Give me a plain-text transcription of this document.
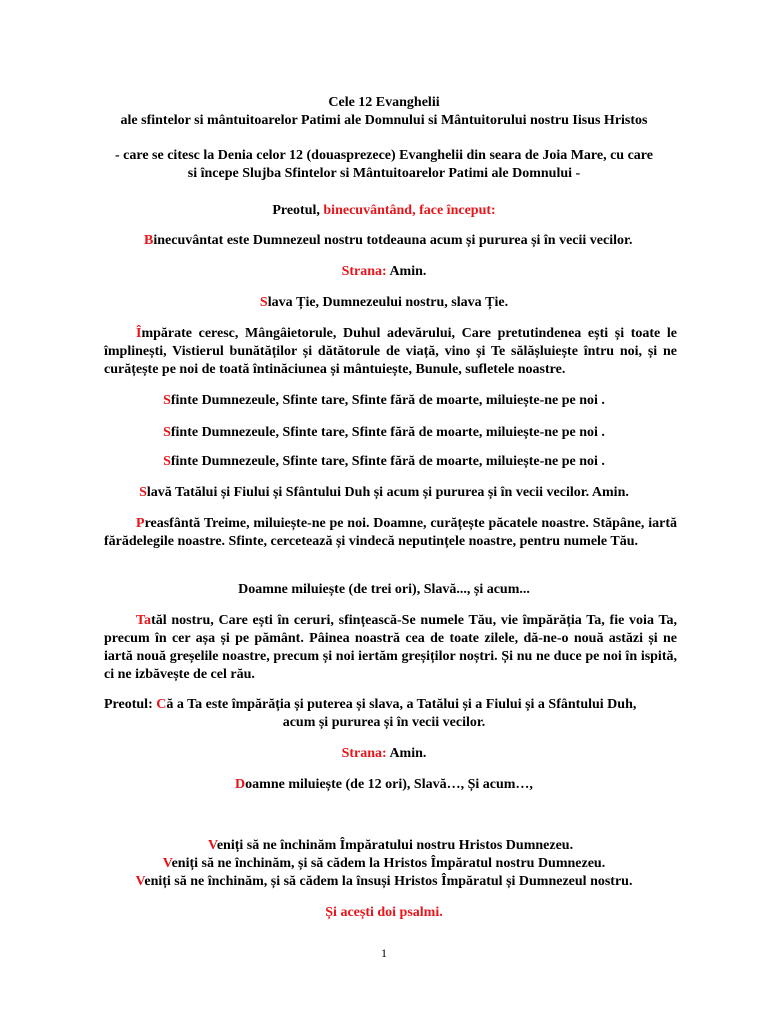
Cele 12 Evanghelii
ale sfintelor si mântuitoarelor Patimi ale Domnului si Mântuitorului nostru Iisus Hristos
- care se citesc la Denia celor 12 (douasprezece) Evanghelii din seara de Joia Mare, cu care
si începe Slujba Sfintelor si Mântuitoarelor Patimi ale Domnului -
Preotul, binecuvântând, face început:
Binecuvântat este Dumnezeul nostru totdeauna acum și pururea și în vecii vecilor.
Strana: Amin.
Slava Ție, Dumnezeului nostru, slava Ție.
Împărate ceresc, Mângâietorule, Duhul adevărului, Care pretutindenea ești și toate le împlinești, Vistierul bunătăților și dătătorule de viață, vino și Te sălășluiește întru noi, și ne curățește pe noi de toată întinăciunea și mântuiește, Bunule, sufletele noastre.
Sfinte Dumnezeule, Sfinte tare, Sfinte fără de moarte, miluiește-ne pe noi .
Sfinte Dumnezeule, Sfinte tare, Sfinte fără de moarte, miluiește-ne pe noi .
Sfinte Dumnezeule, Sfinte tare, Sfinte fără de moarte, miluiește-ne pe noi .
Slavă Tatălui și Fiului și Sfântului Duh și acum și pururea și în vecii vecilor. Amin.
Preasfântă Treime, miluiește-ne pe noi. Doamne, curățește păcatele noastre. Stăpâne, iartă fărădelegile noastre. Sfinte, cercetează și vindecă neputințele noastre, pentru numele Tău.
Doamne miluiește (de trei ori), Slavă..., și acum...
Tatăl nostru, Care ești în ceruri, sfințească-Se numele Tău, vie împărăția Ta, fie voia Ta, precum în cer așa și pe pământ. Pâinea noastră cea de toate zilele, dă-ne-o nouă astăzi și ne iartă nouă greșelile noastre, precum și noi iertăm greșiților noștri. Și nu ne duce pe noi în ispită, ci ne izbăvește de cel rău.
Preotul: Că a Ta este împărăția și puterea și slava, a Tatălui și a Fiului și a Sfântului Duh,
acum și pururea și în vecii vecilor.
Strana: Amin.
Doamne miluiește (de 12 ori), Slavă…, Și acum…,
Veniți să ne închinăm Împăratului nostru Hristos Dumnezeu.
Veniți să ne închinăm, și să cădem la Hristos Împăratul nostru Dumnezeu.
Veniți să ne închinăm, și să cădem la însuși Hristos Împăratul și Dumnezeul nostru.
Și acești doi psalmi.
1
